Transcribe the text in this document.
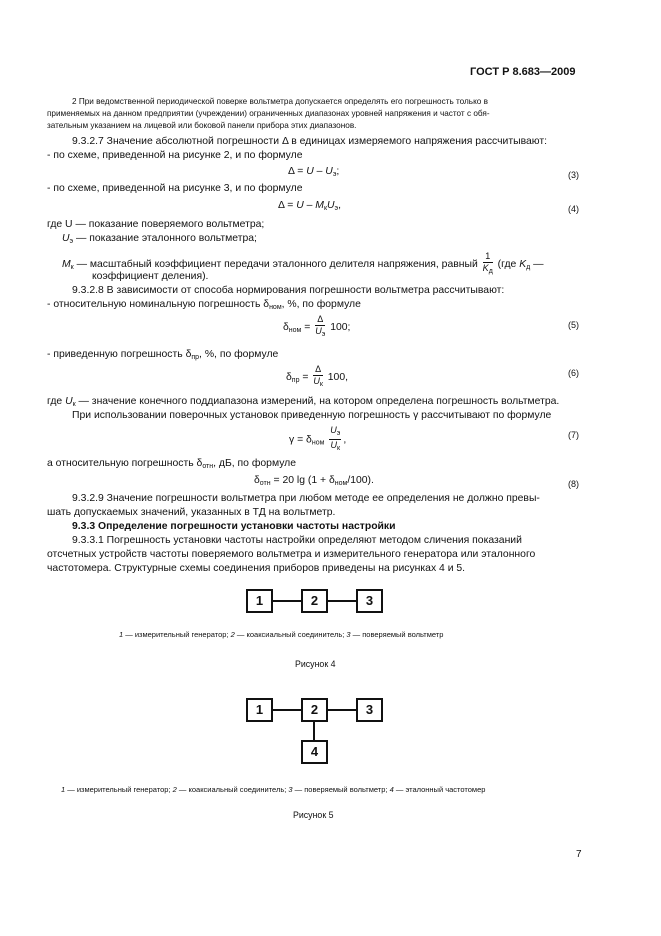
ГОСТ Р 8.683—2009
2 При ведомственной периодической поверке вольтметра допускается определять его погрешность только в
применяемых на данном предприятии (учреждении) ограниченных диапазонах уровней напряжения и частот с обя-
зательным указанием на лицевой или боковой панели прибора этих диапазонов.
9.3.2.7 Значение абсолютной погрешности Δ в единицах измеряемого напряжения рассчитывают:
- по схеме, приведенной на рисунке 2, и по формуле
$\Delta = U - U_э$;	(3)
- по схеме, приведенной на рисунке 3, и по формуле
$\Delta = U - M_кU_э$,	(4)
где U — показание поверяемого вольтметра;
$U_э$ — показание эталонного вольтметра;
$M_к$ — масштабный коэффициент передачи эталонного делителя напряжения, равный $\frac{1}{K_д} (где$ $K_д$ —
коэффициент деления).
9.3.2.8 В зависимости от способа нормирования погрешности вольтметра рассчитывают:
- относительную номинальную погрешность $\delta_{ном}$, %, по формуле
$\delta_{ном} = \frac{\Delta}{U_э} 100$;	(5)
- приведенную погрешность $\delta_{пр}$, %, по формуле
$\delta_{пр} = \frac{\Delta}{U_к} 100$,	(6)
где $U_к$ — значение конечного поддиапазона измерений, на котором определена погрешность вольтметра.
При использовании поверочных установок приведенную погрешность γ рассчитывают по формуле
$\gamma = \delta_{ном} \frac{U_э}{U_к}$ ,	(7)
а относительную погрешность $\delta_{отн}$, дБ, по формуле
$\delta_{отн} = 20$ $\lg (1 + \delta_{ном}/100)$.	(8)
9.3.2.9 Значение погрешности вольтметра при любом методе ее определения не должно превы-
шать допускаемых значений, указанных в ТД на вольтметр.
9.3.3 Определение погрешности установки частоты настройки
9.3.3.1 Погрешность установки частоты настройки определяют методом сличения показаний
отсчетных устройств частоты поверяемого вольтметра и измерительного генератора или эталонного
частотомера. Структурные схемы соединения приборов приведены на рисунках 4 и 5.
1	2	3
1 — измерительный генератор; 2 — коаксиальный соединитель; 3 — поверяемый вольтметр
Рисунок 4
1	2	3
4
1 — измерительный генератор; 2 — коаксиальный соединитель; 3 — поверяемый вольтметр; 4 — эталонный частотомер
Рисунок 5
7
